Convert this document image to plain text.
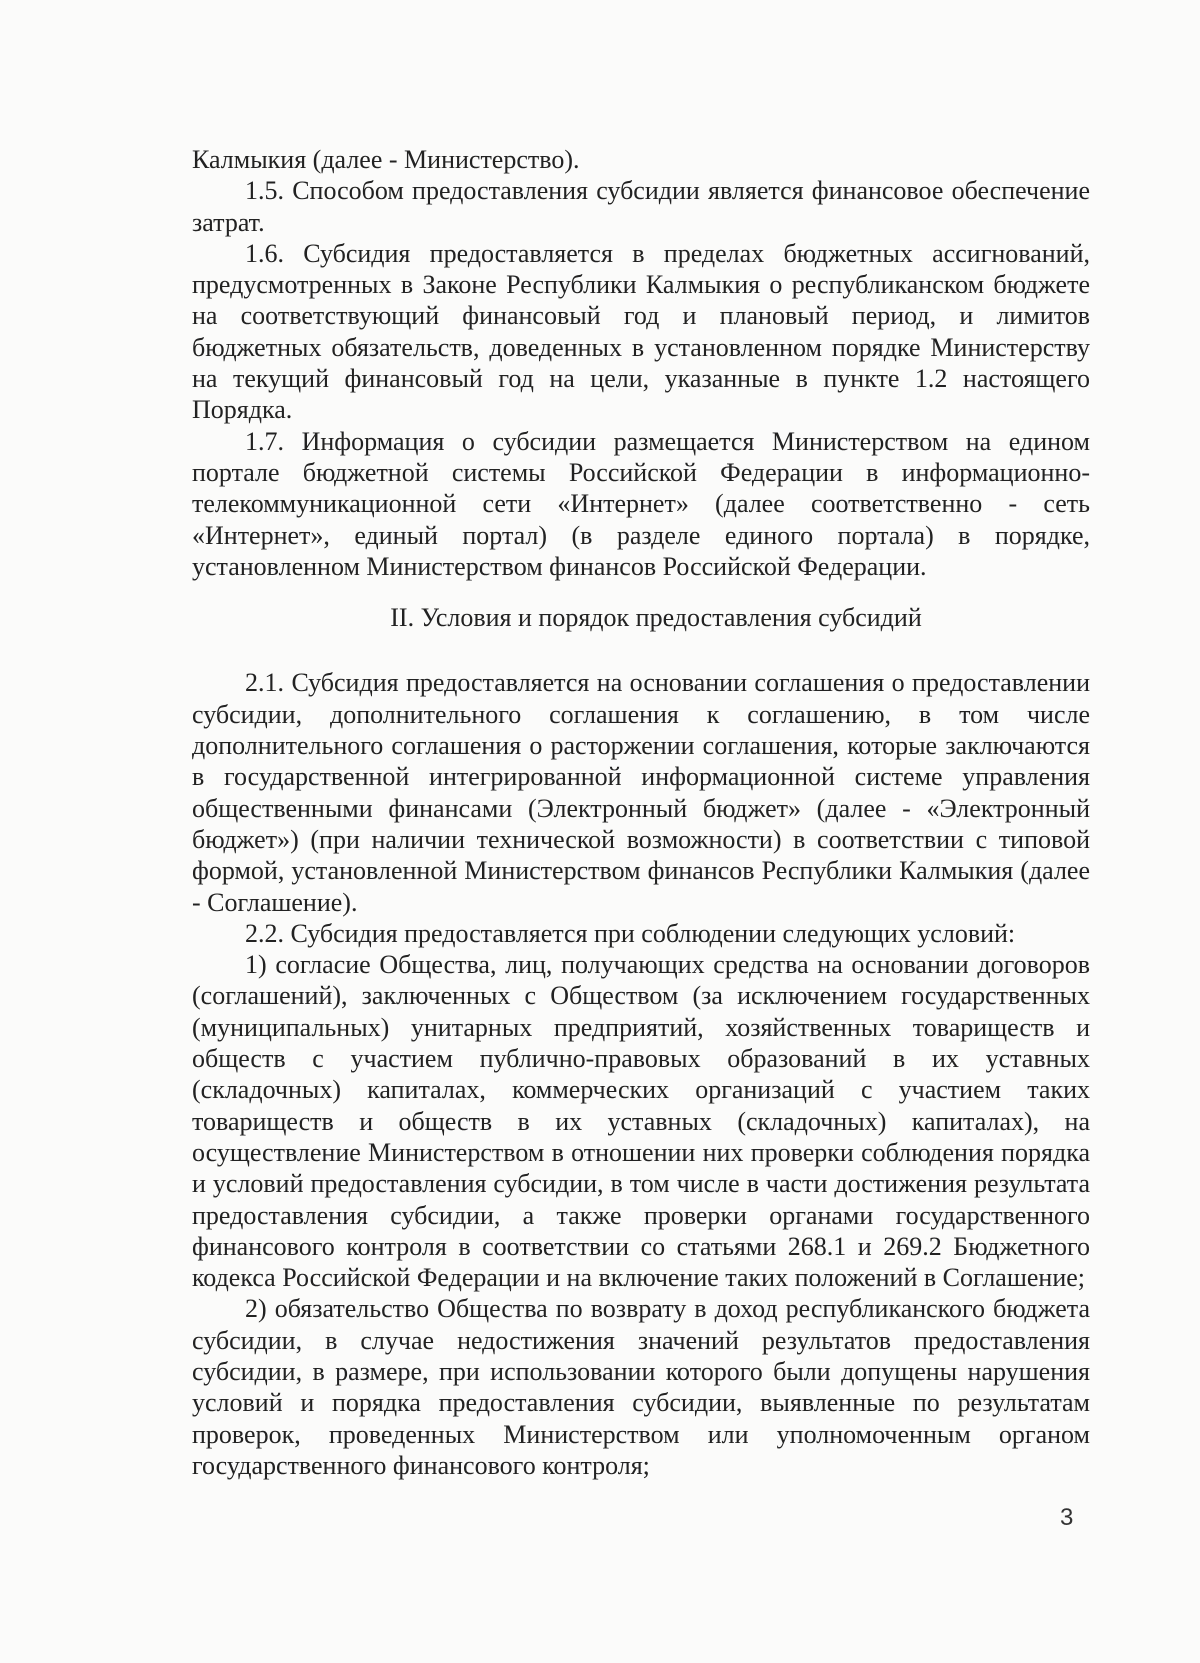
Калмыкия (далее - Министерство).

1.5. Способом предоставления субсидии является финансовое обеспечение затрат.

1.6. Субсидия предоставляется в пределах бюджетных ассигнований, предусмотренных в Законе Республики Калмыкия о республиканском бюджете на соответствующий финансовый год и плановый период, и лимитов бюджетных обязательств, доведенных в установленном порядке Министерству на текущий финансовый год на цели, указанные в пункте 1.2 настоящего Порядка.

1.7. Информация о субсидии размещается Министерством на едином портале бюджетной системы Российской Федерации в информационно-телекоммуникационной сети «Интернет» (далее соответственно - сеть «Интернет», единый портал) (в разделе единого портала) в порядке, установленном Министерством финансов Российской Федерации.

II. Условия и порядок предоставления субсидий

2.1. Субсидия предоставляется на основании соглашения о предоставлении субсидии, дополнительного соглашения к соглашению, в том числе дополнительного соглашения о расторжении соглашения, которые заключаются в государственной интегрированной информационной системе управления общественными финансами (Электронный бюджет» (далее - «Электронный бюджет») (при наличии технической возможности) в соответствии с типовой формой, установленной Министерством финансов Республики Калмыкия (далее - Соглашение).

2.2. Субсидия предоставляется при соблюдении следующих условий:

1) согласие Общества, лиц, получающих средства на основании договоров (соглашений), заключенных с Обществом (за исключением государственных (муниципальных) унитарных предприятий, хозяйственных товариществ и обществ с участием публично-правовых образований в их уставных (складочных) капиталах, коммерческих организаций с участием таких товариществ и обществ в их уставных (складочных) капиталах), на осуществление Министерством в отношении них проверки соблюдения порядка и условий предоставления субсидии, в том числе в части достижения результата предоставления субсидии, а также проверки органами государственного финансового контроля в соответствии со статьями 268.1 и 269.2 Бюджетного кодекса Российской Федерации и на включение таких положений в Соглашение;

2) обязательство Общества по возврату в доход республиканского бюджета субсидии, в случае недостижения значений результатов предоставления субсидии, в размере, при использовании которого были допущены нарушения условий и порядка предоставления субсидии, выявленные по результатам проверок, проведенных Министерством или уполномоченным органом государственного финансового контроля;

3
